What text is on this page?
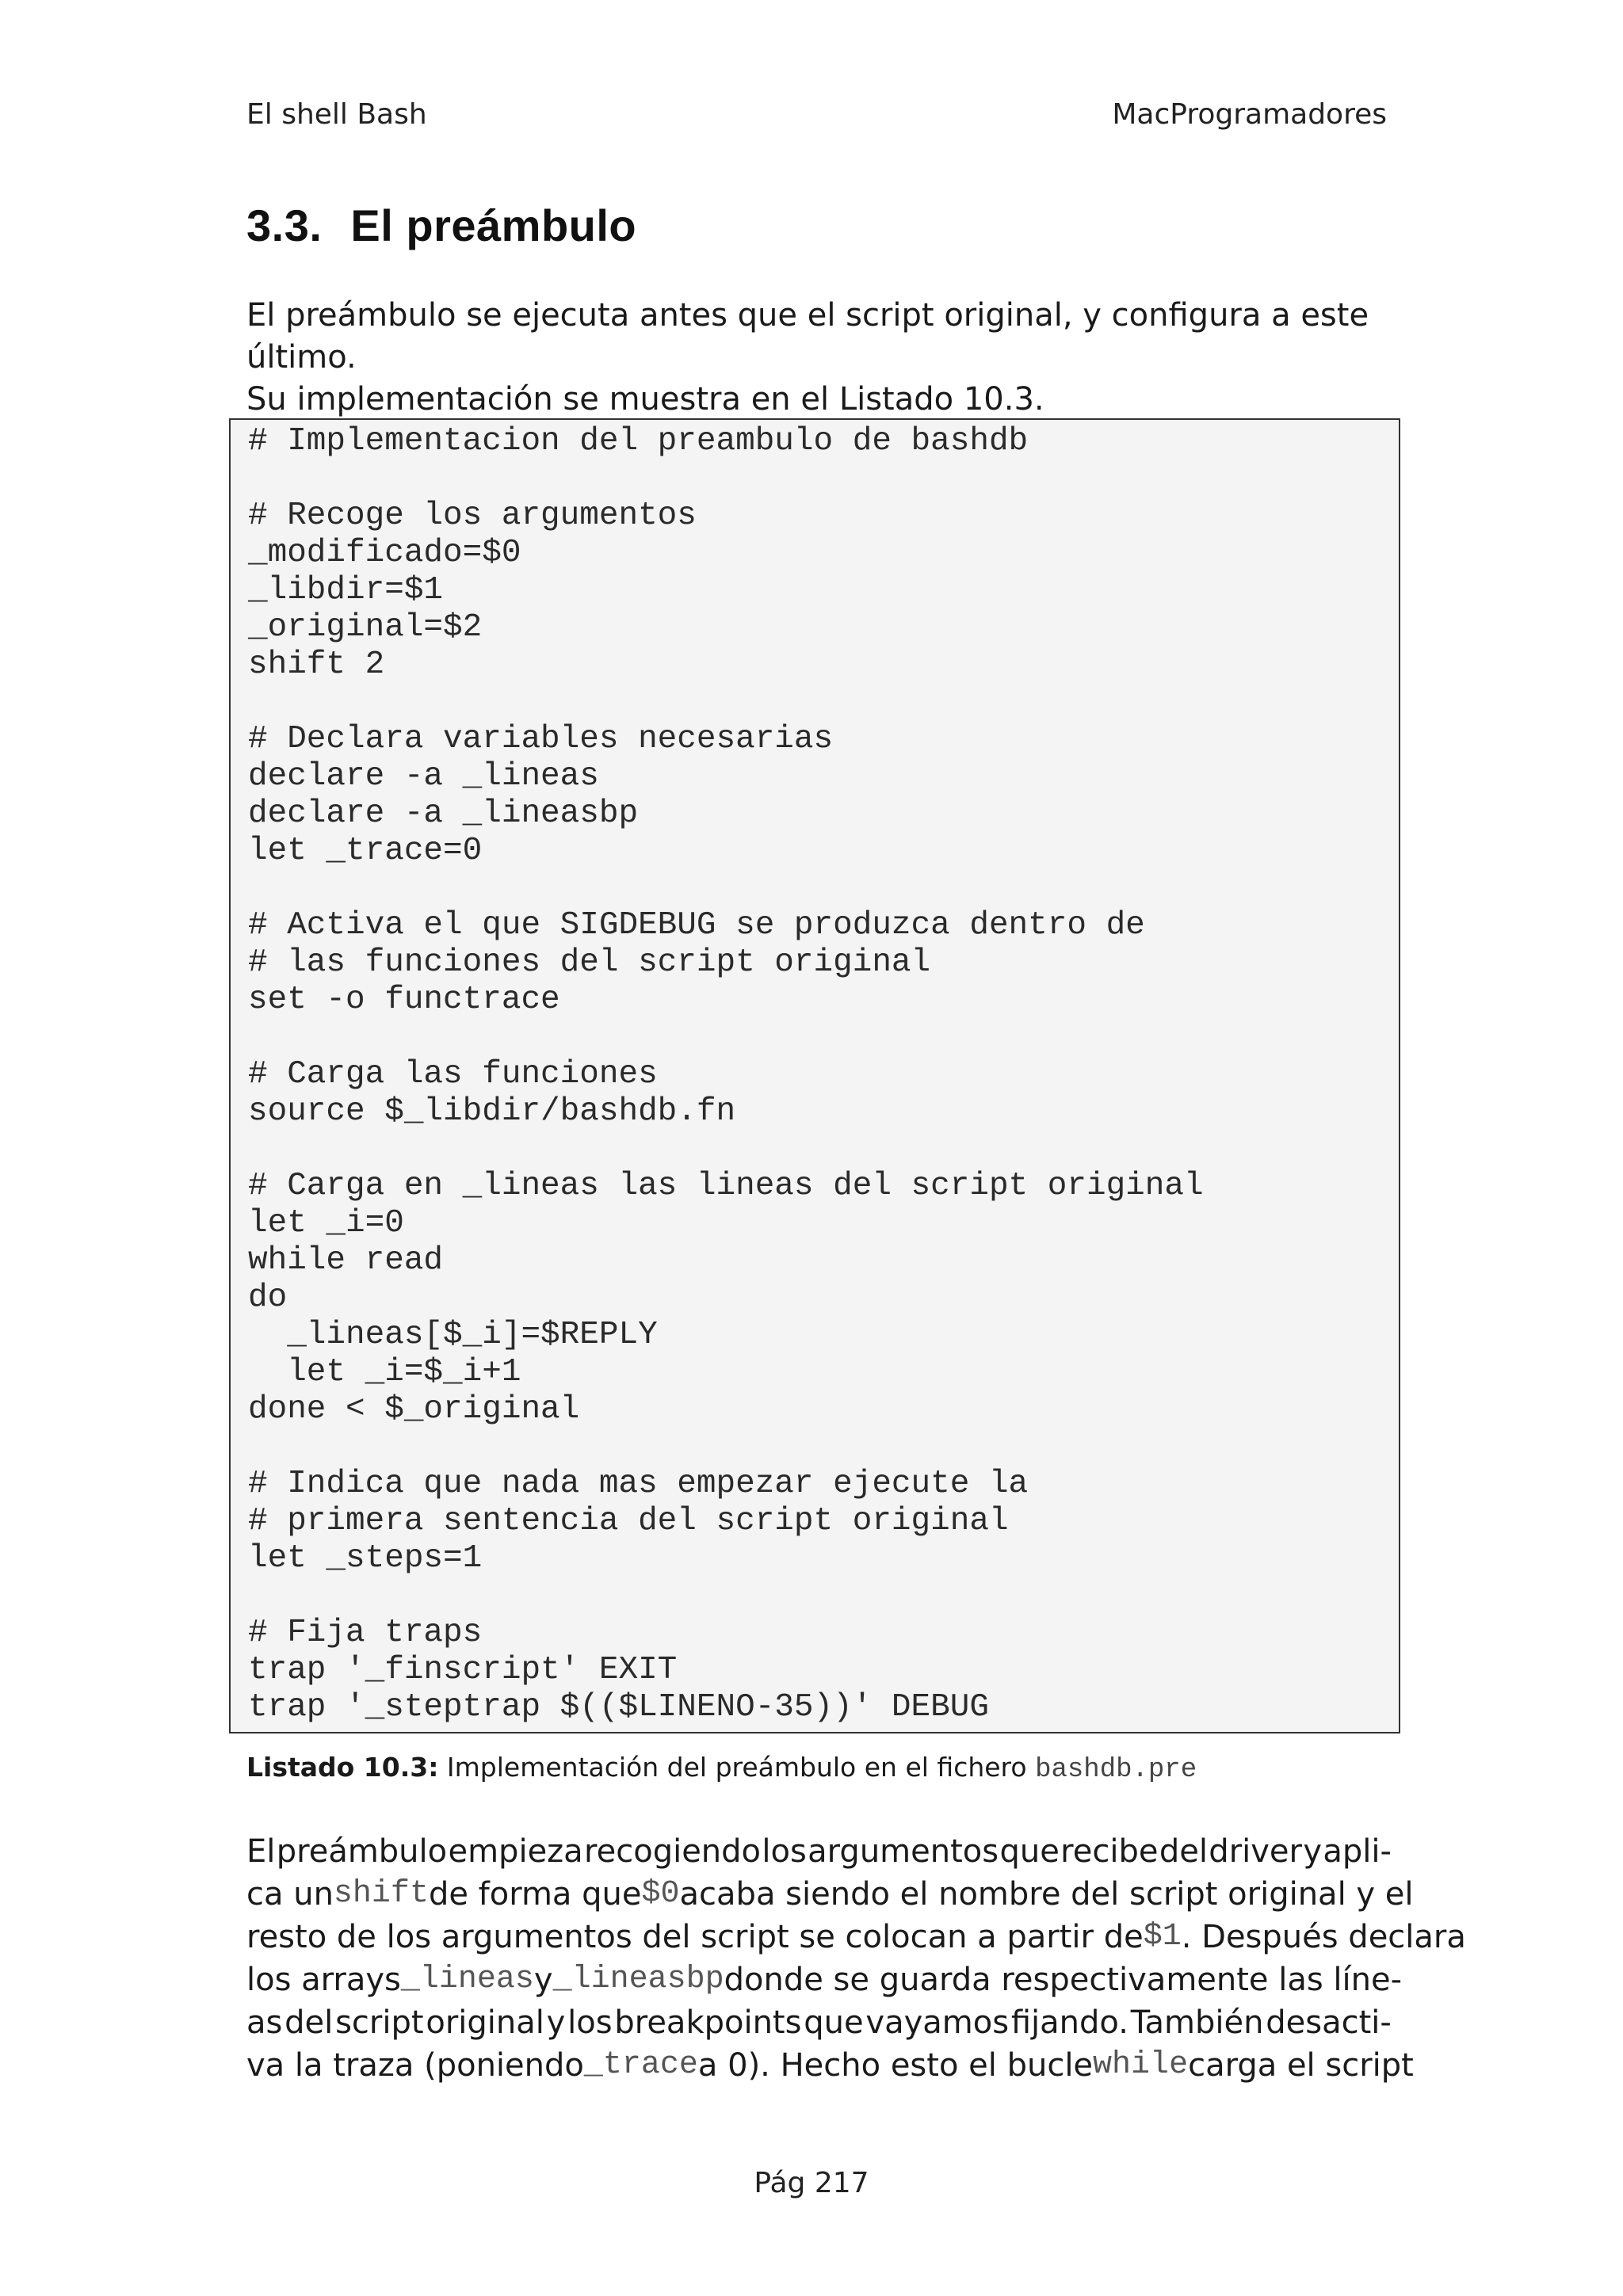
El shell Bash	MacProgramadores
3.3. El preámbulo
El preámbulo se ejecuta antes que el script original, y configura a este último.
Su implementación se muestra en el Listado 10.3.
# Implementacion del preambulo de bashdb
# Recoge los argumentos
_modificado=$0
_libdir=$1
_original=$2
shift 2
# Declara variables necesarias
declare -a _lineas
declare -a _lineasbp
let _trace=0
# Activa el que SIGDEBUG se produzca dentro de
# las funciones del script original
set -o functrace
# Carga las funciones
source $_libdir/bashdb.fn
# Carga en _lineas las lineas del script original
let _i=0
while read
do
_lineas[$_i]=$REPLY
let _i=$_i+1
done < $_original
# Indica que nada mas empezar ejecute la
# primera sentencia del script original
let _steps=1
# Fija traps
trap '_finscript' EXIT
trap '_steptrap $(($LINENO-35))' DEBUG
Listado 10.3: Implementación del preámbulo en el fichero bashdb.pre
El preámbulo empieza recogiendo los argumentos que recibe del driver y apli-
ca un shift de forma que $0 acaba siendo el nombre del script original y el
resto de los argumentos del script se colocan a partir de $1 . Después declara
los arrays _lineas y _lineasbp donde se guarda respectivamente las líne-
as del script original y los breakpoints que vayamos fijando. También desacti-
va la traza (poniendo _trace a 0). Hecho esto el bucle while carga el script
Pág 217
